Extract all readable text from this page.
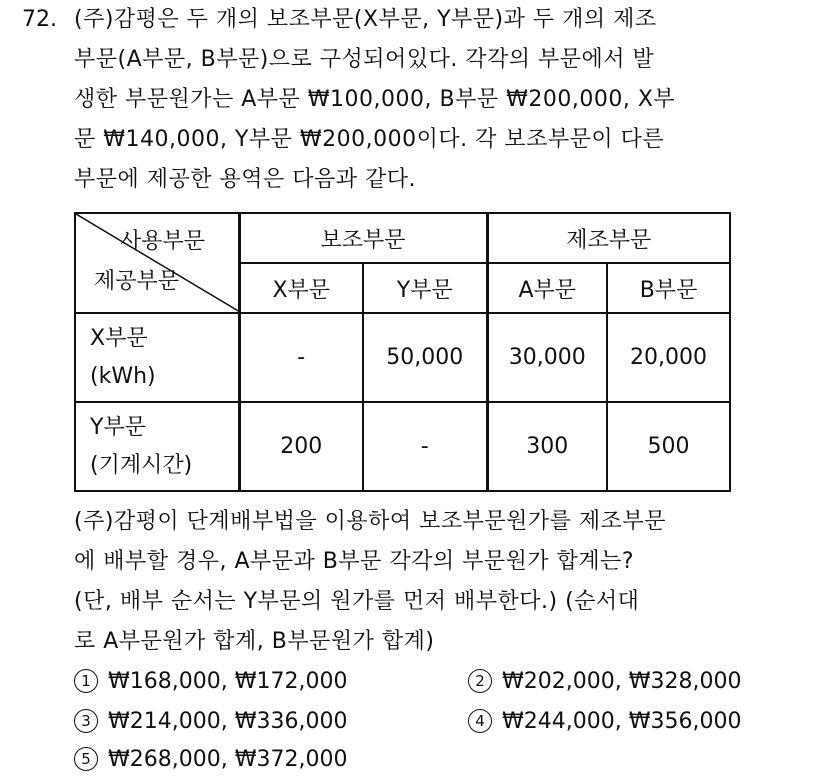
72. (주)감평은 두 개의 보조부문(X부문, Y부문)과 두 개의 제조
부문(A부문, B부문)으로 구성되어있다. 각각의 부문에서 발
생한 부문원가는 A부문 ₩100,000, B부문 ₩200,000, X부
문 ₩140,000, Y부문 ₩200,000이다. 각 보조부문이 다른
부문에 제공한 용역은 다음과 같다.
사용부문
제공부문	보조부문		제조부문	
	X부문	Y부문	A부문	B부문

X부문
(kWh)	-	50,000	30,000	20,000

Y부문
(기계시간)	200	-	300	500
(주)감평이 단계배부법을 이용하여 보조부문원가를 제조부문
에 배부할 경우, A부문과 B부문 각각의 부문원가 합계는?
(단, 배부 순서는 Y부문의 원가를 먼저 배부한다.) (순서대
로 A부문원가 합계, B부문원가 합계)
1 ₩168,000, ₩172,000	2 ₩202,000, ₩328,000
3 ₩214,000, ₩336,000	4 ₩244,000, ₩356,000
5 ₩268,000, ₩372,000
